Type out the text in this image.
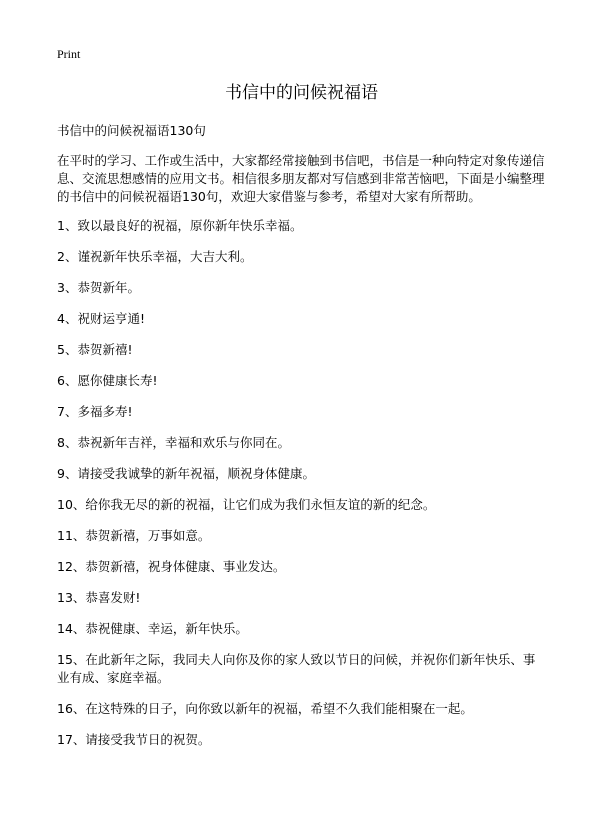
Print
书信中的问候祝福语

书信中的问候祝福语130句

在平时的学习、工作或生活中，大家都经常接触到书信吧，书信是一种向特定对象传递信息、交流思想感情的应用文书。相信很多朋友都对写信感到非常苦恼吧，下面是小编整理的书信中的问候祝福语130句，欢迎大家借鉴与参考，希望对大家有所帮助。

1、致以最良好的祝福，原你新年快乐幸福。

2、谨祝新年快乐幸福，大吉大利。

3、恭贺新年。

4、祝财运亨通!

5、恭贺新禧!

6、愿你健康长寿!

7、多福多寿!

8、恭祝新年吉祥，幸福和欢乐与你同在。

9、请接受我诚挚的新年祝福，顺祝身体健康。

10、给你我无尽的新的祝福，让它们成为我们永恒友谊的新的纪念。

11、恭贺新禧，万事如意。

12、恭贺新禧，祝身体健康、事业发达。

13、恭喜发财!

14、恭祝健康、幸运，新年快乐。

15、在此新年之际，我同夫人向你及你的家人致以节日的问候，并祝你们新年快乐、事业有成、家庭幸福。

16、在这特殊的日子，向你致以新年的祝福，希望不久我们能相聚在一起。

17、请接受我节日的祝贺。
